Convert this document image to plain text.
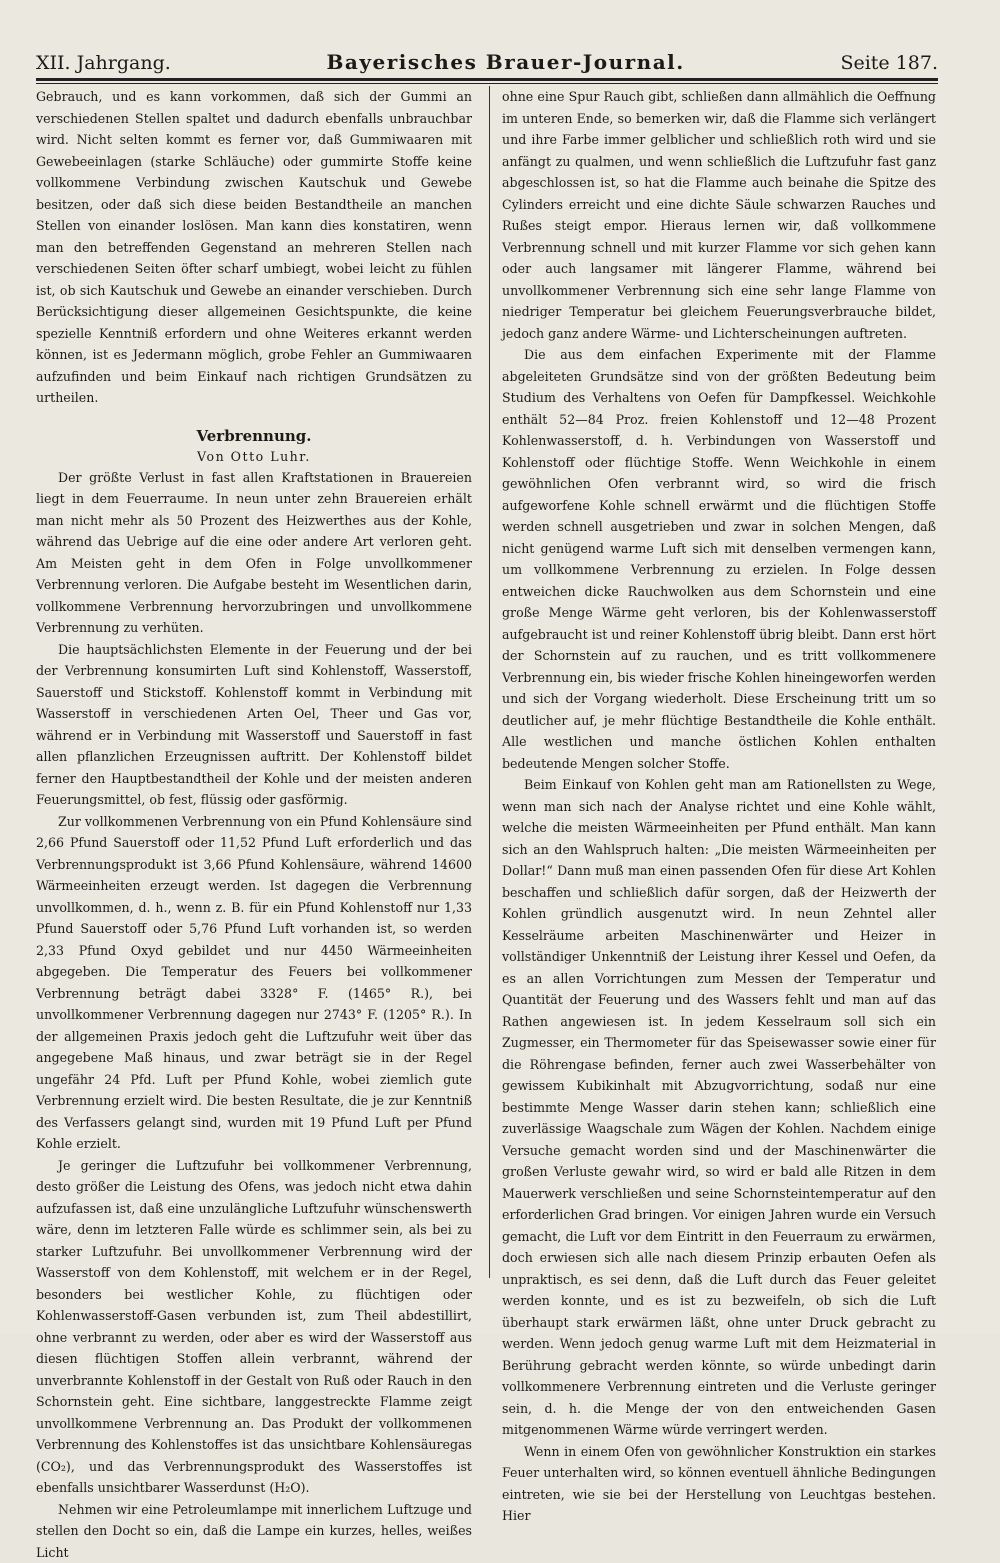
XII. Jahrgang.	Bayerisches Brauer-Journal.	Seite 187.

Gebrauch, und es kann vorkommen, daß sich der Gummi an verschiedenen Stellen spaltet und dadurch ebenfalls unbrauchbar wird. Nicht selten kommt es ferner vor, daß Gummiwaaren mit Gewebeeinlagen (starke Schläuche) oder gummirte Stoffe keine vollkommene Verbindung zwischen Kautschuk und Gewebe besitzen, oder daß sich diese beiden Bestandtheile an manchen Stellen von einander loslösen. Man kann dies konstatiren, wenn man den betreffenden Gegenstand an mehreren Stellen nach verschiedenen Seiten öfter scharf umbiegt, wobei leicht zu fühlen ist, ob sich Kautschuk und Gewebe an einander verschieben. Durch Berücksichtigung dieser allgemeinen Gesichtspunkte, die keine spezielle Kenntniß erfordern und ohne Weiteres erkannt werden können, ist es Jedermann möglich, grobe Fehler an Gummiwaaren aufzufinden und beim Einkauf nach richtigen Grundsätzen zu urtheilen.

Verbrennung.
Von Otto Luhr.

Der größte Verlust in fast allen Kraftstationen in Brauereien liegt in dem Feuerraume. In neun unter zehn Brauereien erhält man nicht mehr als 50 Prozent des Heizwerthes aus der Kohle, während das Uebrige auf die eine oder andere Art verloren geht. Am Meisten geht in dem Ofen in Folge unvollkommener Verbrennung verloren. Die Aufgabe besteht im Wesentlichen darin, vollkommene Verbrennung hervorzubringen und unvollkommene Verbrennung zu verhüten.

Die hauptsächlichsten Elemente in der Feuerung und der bei der Verbrennung konsumirten Luft sind Kohlenstoff, Wasserstoff, Sauerstoff und Stickstoff. Kohlenstoff kommt in Verbindung mit Wasserstoff in verschiedenen Arten Oel, Theer und Gas vor, während er in Verbindung mit Wasserstoff und Sauerstoff in fast allen pflanzlichen Erzeugnissen auftritt. Der Kohlenstoff bildet ferner den Hauptbestandtheil der Kohle und der meisten anderen Feuerungsmittel, ob fest, flüssig oder gasförmig.

Zur vollkommenen Verbrennung von ein Pfund Kohlensäure sind 2,66 Pfund Sauerstoff oder 11,52 Pfund Luft erforderlich und das Verbrennungsprodukt ist 3,66 Pfund Kohlensäure, während 14600 Wärmeeinheiten erzeugt werden. Ist dagegen die Verbrennung unvollkommen, d. h., wenn z. B. für ein Pfund Kohlenstoff nur 1,33 Pfund Sauerstoff oder 5,76 Pfund Luft vorhanden ist, so werden 2,33 Pfund Oxyd gebildet und nur 4450 Wärmeeinheiten abgegeben. Die Temperatur des Feuers bei vollkommener Verbrennung beträgt dabei 3328° F. (1465° R.), bei unvollkommener Verbrennung dagegen nur 2743° F. (1205° R.). In der allgemeinen Praxis jedoch geht die Luftzufuhr weit über das angegebene Maß hinaus, und zwar beträgt sie in der Regel ungefähr 24 Pfd. Luft per Pfund Kohle, wobei ziemlich gute Verbrennung erzielt wird. Die besten Resultate, die je zur Kenntniß des Verfassers gelangt sind, wurden mit 19 Pfund Luft per Pfund Kohle erzielt.

Je geringer die Luftzufuhr bei vollkommener Verbrennung, desto größer die Leistung des Ofens, was jedoch nicht etwa dahin aufzufassen ist, daß eine unzulängliche Luftzufuhr wünschenswerth wäre, denn im letzteren Falle würde es schlimmer sein, als bei zu starker Luftzufuhr. Bei unvollkommener Verbrennung wird der Wasserstoff von dem Kohlenstoff, mit welchem er in der Regel, besonders bei westlicher Kohle, zu flüchtigen oder Kohlenwasserstoff-Gasen verbunden ist, zum Theil abdestillirt, ohne verbrannt zu werden, oder aber es wird der Wasserstoff aus diesen flüchtigen Stoffen allein verbrannt, während der unverbrannte Kohlenstoff in der Gestalt von Ruß oder Rauch in den Schornstein geht. Eine sichtbare, langgestreckte Flamme zeigt unvollkommene Verbrennung an. Das Produkt der vollkommenen Verbrennung des Kohlenstoffes ist das unsichtbare Kohlensäuregas (CO₂), und das Verbrennungsprodukt des Wasserstoffes ist ebenfalls unsichtbarer Wasserdunst (H₂O).

Nehmen wir eine Petroleumlampe mit innerlichem Luftzuge und stellen den Docht so ein, daß die Lampe ein kurzes, helles, weißes Licht

ohne eine Spur Rauch gibt, schließen dann allmählich die Oeffnung im unteren Ende, so bemerken wir, daß die Flamme sich verlängert und ihre Farbe immer gelblicher und schließlich roth wird und sie anfängt zu qualmen, und wenn schließlich die Luftzufuhr fast ganz abgeschlossen ist, so hat die Flamme auch beinahe die Spitze des Cylinders erreicht und eine dichte Säule schwarzen Rauches und Rußes steigt empor. Hieraus lernen wir, daß vollkommene Verbrennung schnell und mit kurzer Flamme vor sich gehen kann oder auch langsamer mit längerer Flamme, während bei unvollkommener Verbrennung sich eine sehr lange Flamme von niedriger Temperatur bei gleichem Feuerungsverbrauche bildet, jedoch ganz andere Wärme- und Lichterscheinungen auftreten.

Die aus dem einfachen Experimente mit der Flamme abgeleiteten Grundsätze sind von der größten Bedeutung beim Studium des Verhaltens von Oefen für Dampfkessel. Weichkohle enthält 52—84 Proz. freien Kohlenstoff und 12—48 Prozent Kohlenwasserstoff, d. h. Verbindungen von Wasserstoff und Kohlenstoff oder flüchtige Stoffe. Wenn Weichkohle in einem gewöhnlichen Ofen verbrannt wird, so wird die frisch aufgeworfene Kohle schnell erwärmt und die flüchtigen Stoffe werden schnell ausgetrieben und zwar in solchen Mengen, daß nicht genügend warme Luft sich mit denselben vermengen kann, um vollkommene Verbrennung zu erzielen. In Folge dessen entweichen dicke Rauchwolken aus dem Schornstein und eine große Menge Wärme geht verloren, bis der Kohlenwasserstoff aufgebraucht ist und reiner Kohlenstoff übrig bleibt. Dann erst hört der Schornstein auf zu rauchen, und es tritt vollkommenere Verbrennung ein, bis wieder frische Kohlen hineingeworfen werden und sich der Vorgang wiederholt. Diese Erscheinung tritt um so deutlicher auf, je mehr flüchtige Bestandtheile die Kohle enthält. Alle westlichen und manche östlichen Kohlen enthalten bedeutende Mengen solcher Stoffe.

Beim Einkauf von Kohlen geht man am Rationellsten zu Wege, wenn man sich nach der Analyse richtet und eine Kohle wählt, welche die meisten Wärmeeinheiten per Pfund enthält. Man kann sich an den Wahlspruch halten: „Die meisten Wärmeeinheiten per Dollar!“ Dann muß man einen passenden Ofen für diese Art Kohlen beschaffen und schließlich dafür sorgen, daß der Heizwerth der Kohlen gründlich ausgenutzt wird. In neun Zehntel aller Kesselräume arbeiten Maschinenwärter und Heizer in vollständiger Unkenntniß der Leistung ihrer Kessel und Oefen, da es an allen Vorrichtungen zum Messen der Temperatur und Quantität der Feuerung und des Wassers fehlt und man auf das Rathen angewiesen ist. In jedem Kesselraum soll sich ein Zugmesser, ein Thermometer für das Speisewasser sowie einer für die Röhrengase befinden, ferner auch zwei Wasserbehälter von gewissem Kubikinhalt mit Abzugvorrichtung, sodaß nur eine bestimmte Menge Wasser darin stehen kann; schließlich eine zuverlässige Waagschale zum Wägen der Kohlen. Nachdem einige Versuche gemacht worden sind und der Maschinenwärter die großen Verluste gewahr wird, so wird er bald alle Ritzen in dem Mauerwerk verschließen und seine Schornsteintemperatur auf den erforderlichen Grad bringen. Vor einigen Jahren wurde ein Versuch gemacht, die Luft vor dem Eintritt in den Feuerraum zu erwärmen, doch erwiesen sich alle nach diesem Prinzip erbauten Oefen als unpraktisch, es sei denn, daß die Luft durch das Feuer geleitet werden konnte, und es ist zu bezweifeln, ob sich die Luft überhaupt stark erwärmen läßt, ohne unter Druck gebracht zu werden. Wenn jedoch genug warme Luft mit dem Heizmaterial in Berührung gebracht werden könnte, so würde unbedingt darin vollkommenere Verbrennung eintreten und die Verluste geringer sein, d. h. die Menge der von den entweichenden Gasen mitgenommenen Wärme würde verringert werden.

Wenn in einem Ofen von gewöhnlicher Konstruktion ein starkes Feuer unterhalten wird, so können eventuell ähnliche Bedingungen eintreten, wie sie bei der Herstellung von Leuchtgas bestehen. Hier
